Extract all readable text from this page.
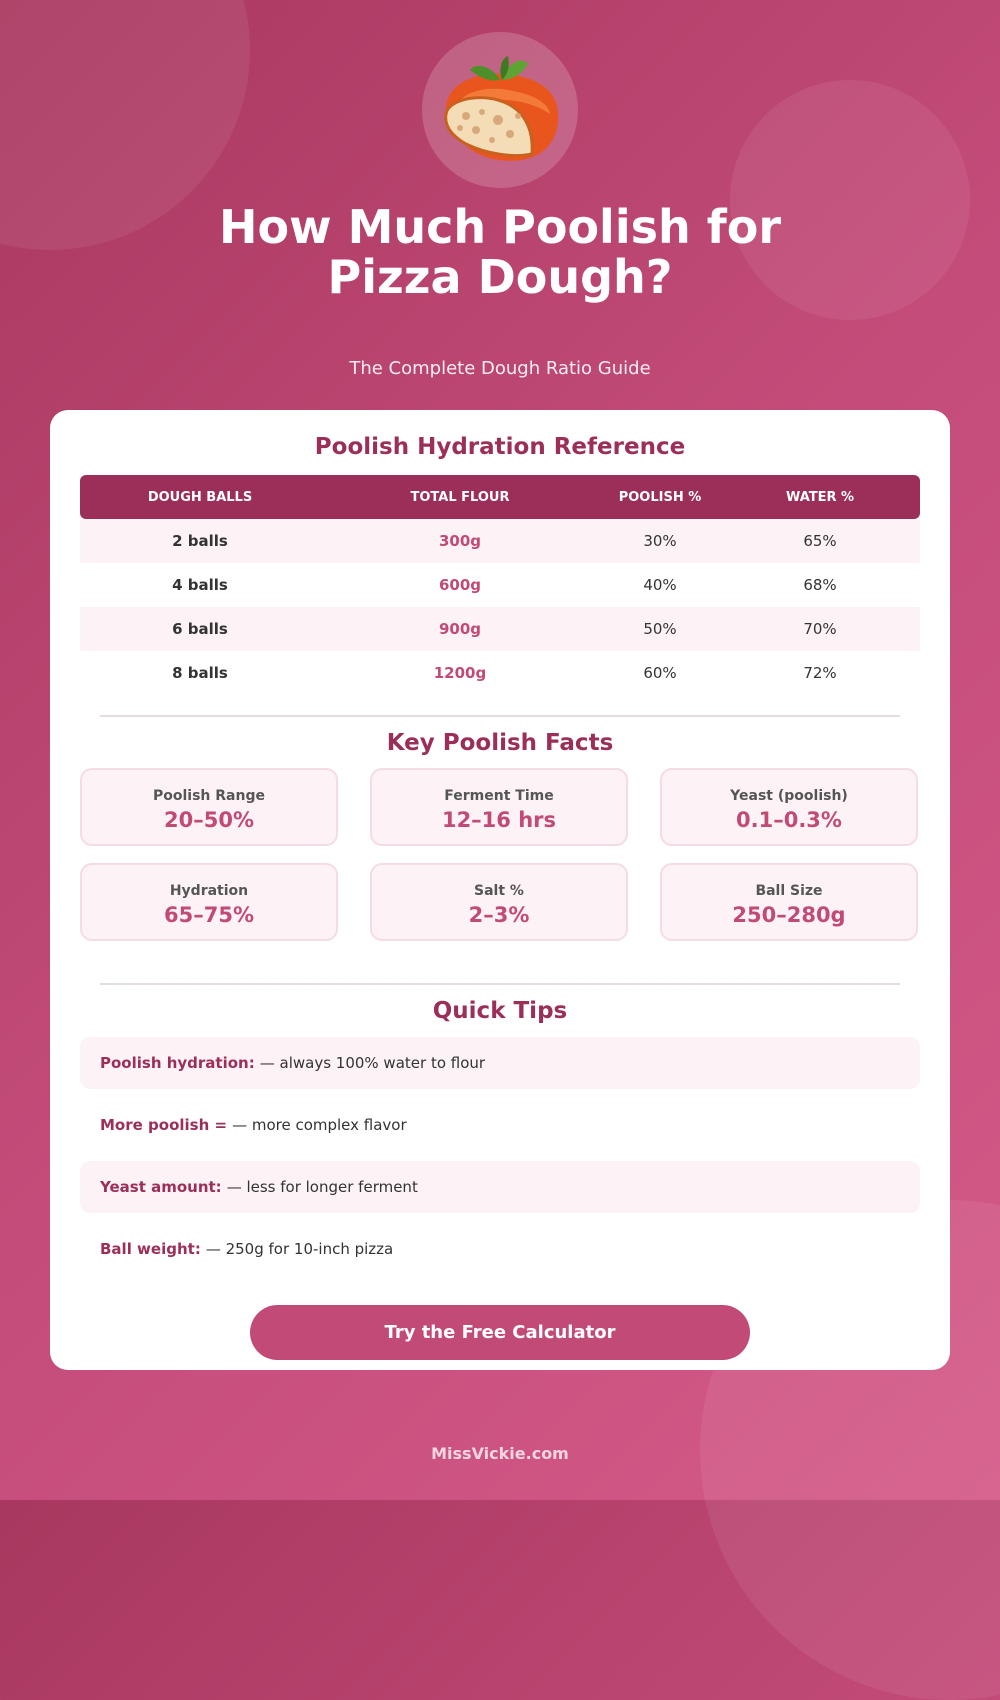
How Much Poolish for
Pizza Dough?
The Complete Dough Ratio Guide
Poolish Hydration Reference
DOUGH BALLS	TOTAL FLOUR	POOLISH %	WATER %
2 balls	300g	30%	65%
4 balls	600g	40%	68%
6 balls	900g	50%	70%
8 balls	1200g	60%	72%
Key Poolish Facts
Poolish Range
20–50%
Ferment Time
12–16 hrs
Yeast (poolish)
0.1–0.3%
Hydration
65–75%
Salt %
2–3%
Ball Size
250–280g
Quick Tips
Poolish hydration: — always 100% water to flour
More poolish = — more complex flavor
Yeast amount: — less for longer ferment
Ball weight: — 250g for 10-inch pizza
Try the Free Calculator
MissVickie.com
